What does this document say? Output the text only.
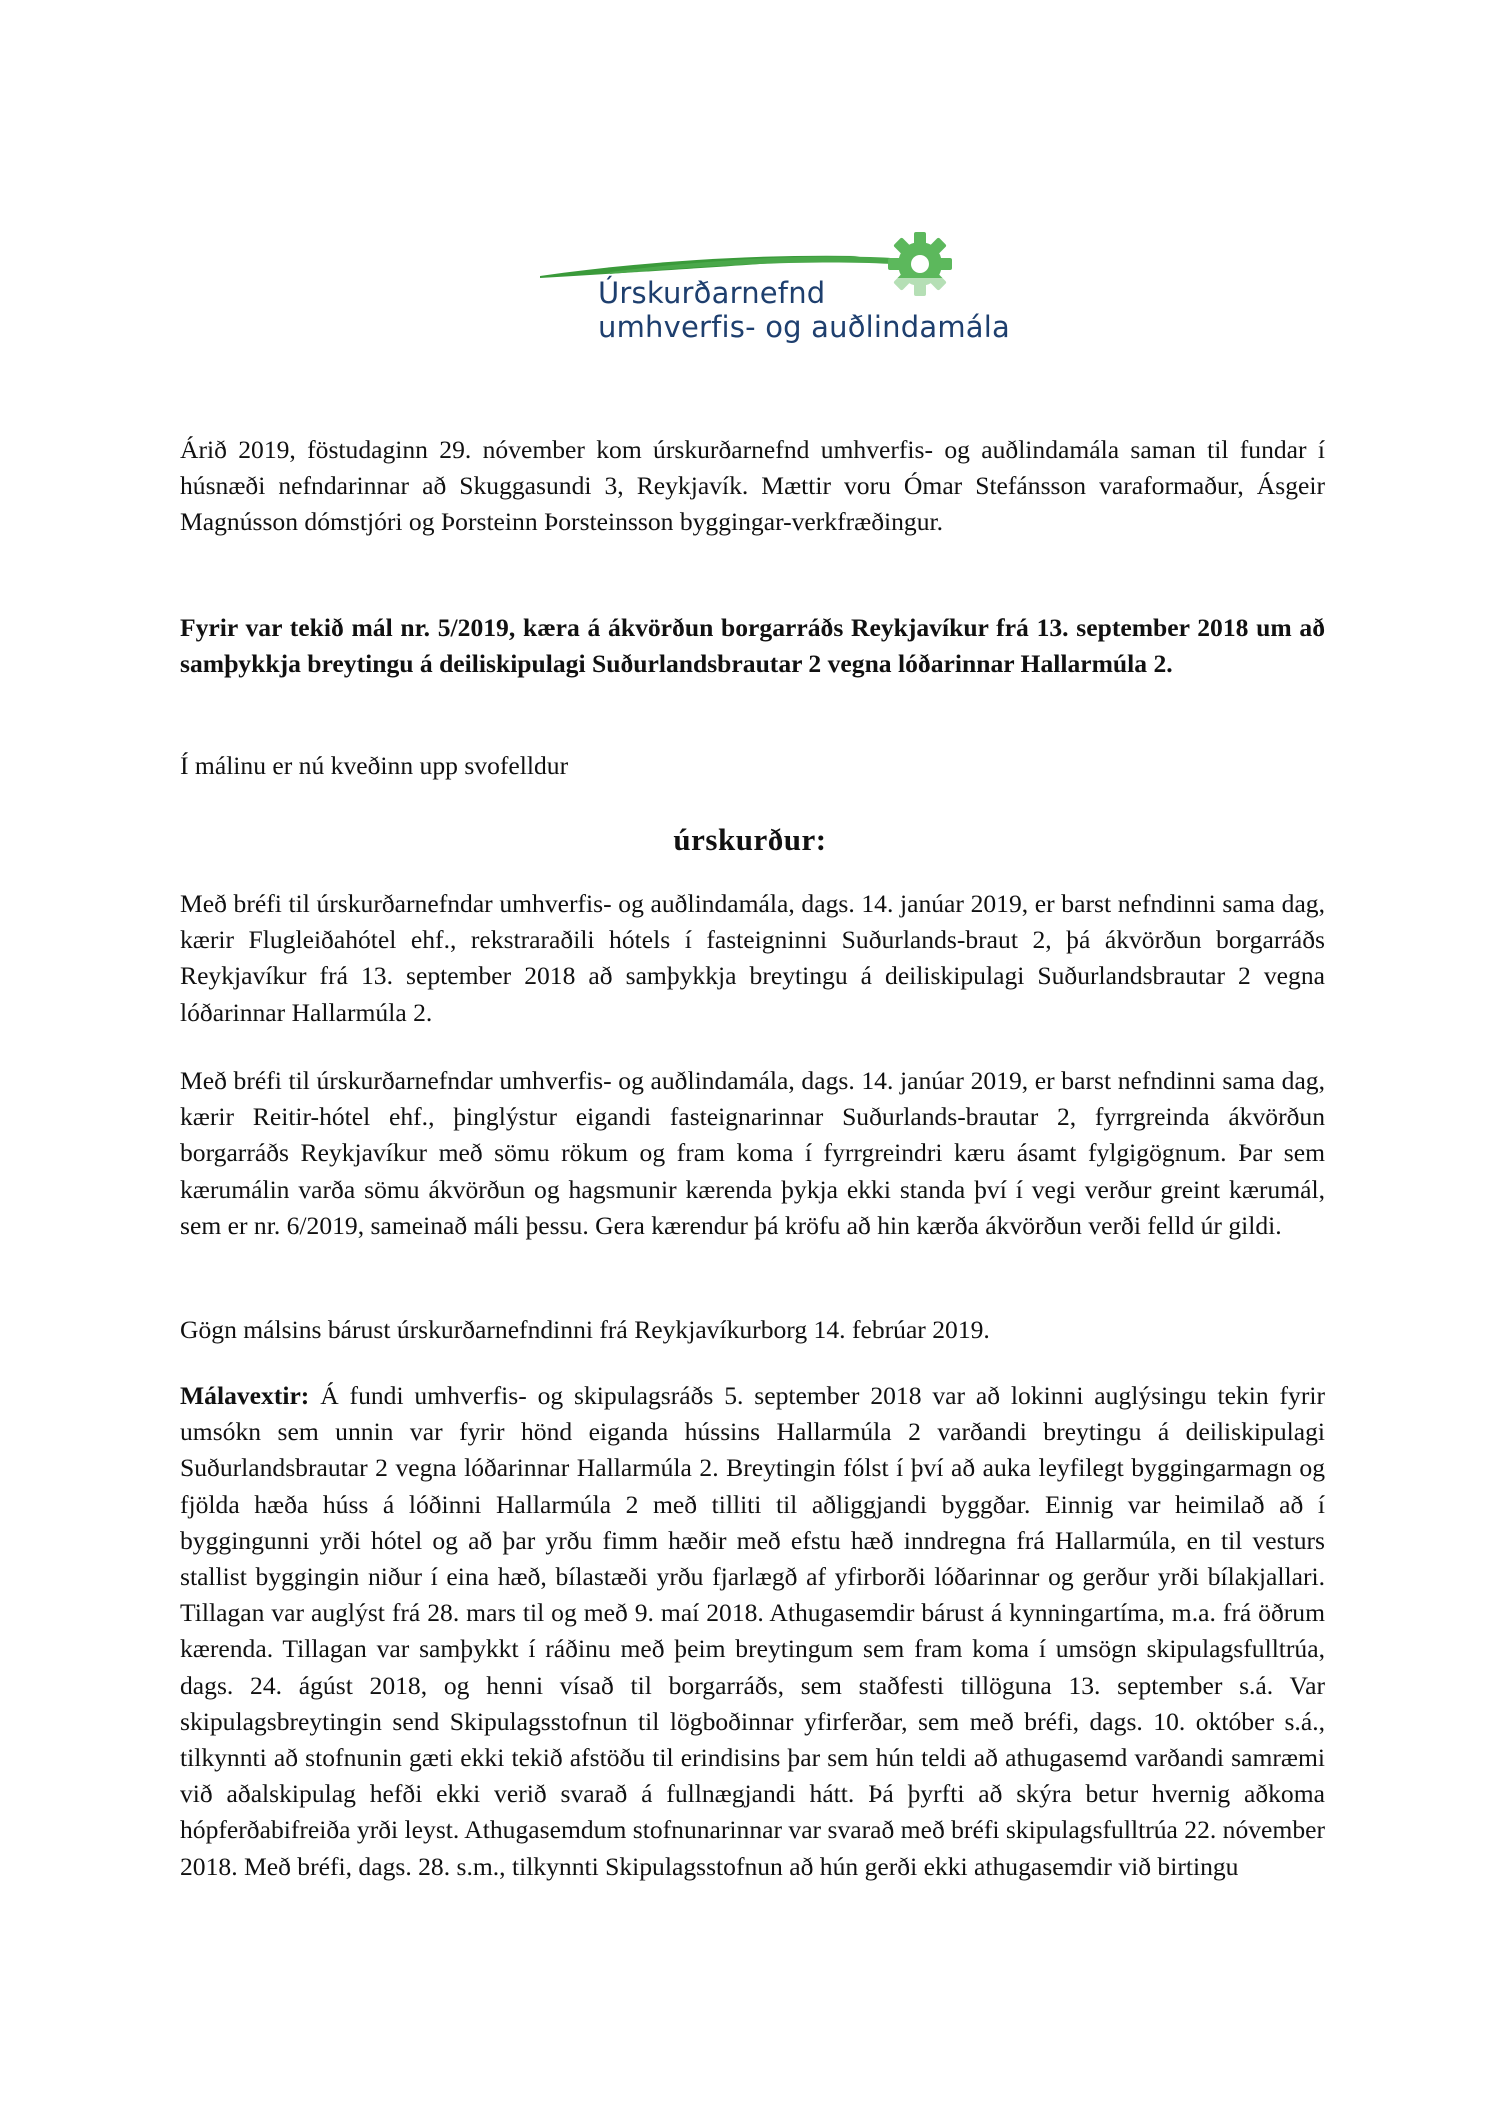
Úrskurðarnefnd
umhverfis- og auðlindamála

Árið 2019, föstudaginn 29. nóvember kom úrskurðarnefnd umhverfis- og auðlindamála saman til fundar í húsnæði nefndarinnar að Skuggasundi 3, Reykjavík. Mættir voru Ómar Stefánsson varaformaður, Ásgeir Magnússon dómstjóri og Þorsteinn Þorsteinsson byggingar-verkfræðingur.

Fyrir var tekið mál nr. 5/2019, kæra á ákvörðun borgarráðs Reykjavíkur frá 13. september 2018 um að samþykkja breytingu á deiliskipulagi Suðurlandsbrautar 2 vegna lóðarinnar Hallarmúla 2.

Í málinu er nú kveðinn upp svofelldur

úrskurður:

Með bréfi til úrskurðarnefndar umhverfis- og auðlindamála, dags. 14. janúar 2019, er barst nefndinni sama dag, kærir Flugleiðahótel ehf., rekstraraðili hótels í fasteigninni Suðurlands-braut 2, þá ákvörðun borgarráðs Reykjavíkur frá 13. september 2018 að samþykkja breytingu á deiliskipulagi Suðurlandsbrautar 2 vegna lóðarinnar Hallarmúla 2.

Með bréfi til úrskurðarnefndar umhverfis- og auðlindamála, dags. 14. janúar 2019, er barst nefndinni sama dag, kærir Reitir-hótel ehf., þinglýstur eigandi fasteignarinnar Suðurlands-brautar 2, fyrrgreinda ákvörðun borgarráðs Reykjavíkur með sömu rökum og fram koma í fyrrgreindri kæru ásamt fylgigögnum. Þar sem kærumálin varða sömu ákvörðun og hagsmunir kærenda þykja ekki standa því í vegi verður greint kærumál, sem er nr. 6/2019, sameinað máli þessu. Gera kærendur þá kröfu að hin kærða ákvörðun verði felld úr gildi.

Gögn málsins bárust úrskurðarnefndinni frá Reykjavíkurborg 14. febrúar 2019.

Málavextir: Á fundi umhverfis- og skipulagsráðs 5. september 2018 var að lokinni auglýsingu tekin fyrir umsókn sem unnin var fyrir hönd eiganda hússins Hallarmúla 2 varðandi breytingu á deiliskipulagi Suðurlandsbrautar 2 vegna lóðarinnar Hallarmúla 2. Breytingin fólst í því að auka leyfilegt byggingarmagn og fjölda hæða húss á lóðinni Hallarmúla 2 með tilliti til aðliggjandi byggðar. Einnig var heimilað að í byggingunni yrði hótel og að þar yrðu fimm hæðir með efstu hæð inndregna frá Hallarmúla, en til vesturs stallist byggingin niður í eina hæð, bílastæði yrðu fjarlægð af yfirborði lóðarinnar og gerður yrði bílakjallari. Tillagan var auglýst frá 28. mars til og með 9. maí 2018. Athugasemdir bárust á kynningartíma, m.a. frá öðrum kærenda. Tillagan var samþykkt í ráðinu með þeim breytingum sem fram koma í umsögn skipulagsfulltrúa, dags. 24. ágúst 2018, og henni vísað til borgarráðs, sem staðfesti tillöguna 13. september s.á. Var skipulagsbreytingin send Skipulagsstofnun til lögboðinnar yfirferðar, sem með bréfi, dags. 10. október s.á., tilkynnti að stofnunin gæti ekki tekið afstöðu til erindisins þar sem hún teldi að athugasemd varðandi samræmi við aðalskipulag hefði ekki verið svarað á fullnægjandi hátt. Þá þyrfti að skýra betur hvernig aðkoma hópferðabifreiða yrði leyst. Athugasemdum stofnunarinnar var svarað með bréfi skipulagsfulltrúa 22. nóvember 2018. Með bréfi, dags. 28. s.m., tilkynnti Skipulagsstofnun að hún gerði ekki athugasemdir við birtingu
